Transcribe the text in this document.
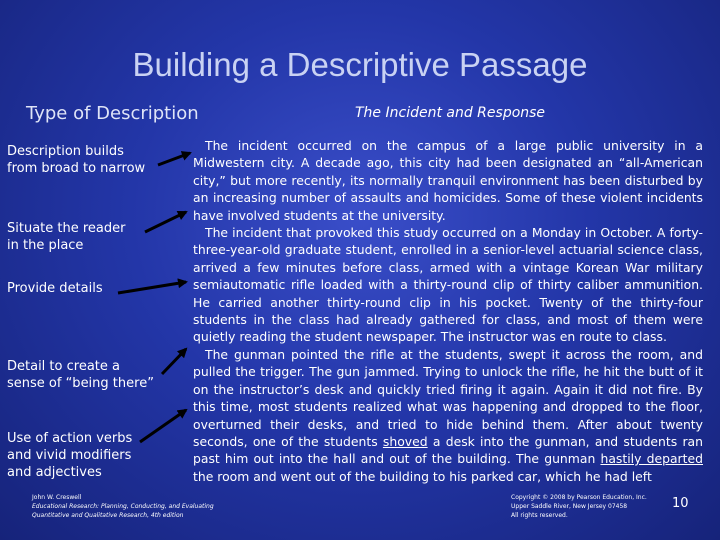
Building a Descriptive Passage
Type of Description	The Incident and Response
Description builds
from broad to narrow
Situate the reader
in the place
Provide details
Detail to create a
sense of “being there”
Use of action verbs
and vivid modifiers
and adjectives

The incident occurred on the campus of a large public university in a Midwestern city. A decade ago, this city had been designated an “all-American city,” but more recently, its normally tranquil environment has been disturbed by an increasing number of assaults and homicides. Some of these violent incidents have involved students at the university.

The incident that provoked this study occurred on a Monday in October. A forty-three-year-old graduate student, enrolled in a senior-level actuarial science class, arrived a few minutes before class, armed with a vintage Korean War military semiautomatic rifle loaded with a thirty-round clip of thirty caliber ammunition. He carried another thirty-round clip in his pocket. Twenty of the thirty-four students in the class had already gathered for class, and most of them were quietly reading the student newspaper. The instructor was en route to class.

The gunman pointed the rifle at the students, swept it across the room, and pulled the trigger. The gun jammed. Trying to unlock the rifle, he hit the butt of it on the instructor’s desk and quickly tried firing it again. Again it did not fire. By this time, most students realized what was happening and dropped to the floor, overturned their desks, and tried to hide behind them. After about twenty seconds, one of the students shoved a desk into the gunman, and students ran past him out into the hall and out of the building. The gunman hastily departed the room and went out of the building to his parked car, which he had left

John W. Creswell
Educational Research: Planning, Conducting, and Evaluating
Quantitative and Qualitative Research, 4th edition
Copyright © 2008 by Pearson Education, Inc.
Upper Saddle River, New Jersey 07458
All rights reserved.
10
